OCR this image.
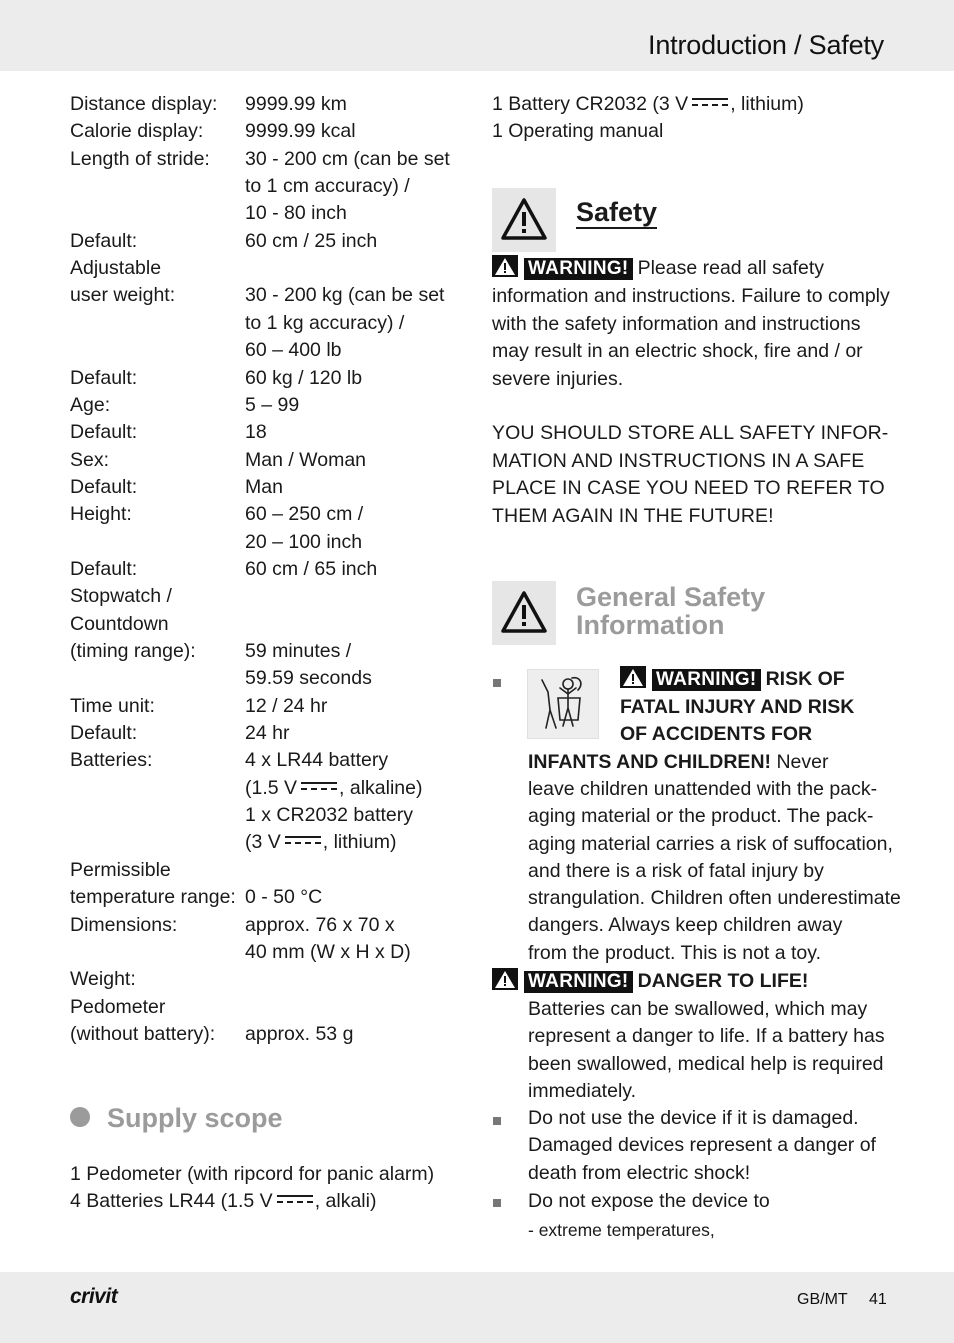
Introduction / Safety
Distance display: 9999.99 km
Calorie display: 9999.99 kcal
Length of stride: 30 - 200 cm (can be set
to 1 cm accuracy) /
10 - 80 inch
Default:	60 cm / 25 inch
Adjustable
user weight:	30 - 200 kg (can be set
to 1 kg accuracy) /
60 – 400 lb
Default:	60 kg / 120 lb
Age:	5 – 99
Default:	18
Sex:	Man / Woman
Default:	Man
Height:	60 – 250 cm /
20 – 100 inch
Default:	60 cm / 65 inch
Stopwatch /
Countdown
(timing range):	59 minutes /
59.59 seconds
Time unit:	12 / 24 hr
Default:	24 hr
Batteries:	4 x LR44 battery
(1.5 V , alkaline)
1 x CR2032 battery
(3 V , lithium)
Permissible
temperature range: 0 - 50 °C
Dimensions:	approx. 76 x 70 x
40 mm (W x H x D)
Weight:
Pedometer
(without battery): approx. 53 g
Supply scope
1 Pedometer (with ripcord for panic alarm)
4 Batteries LR44 (1.5 V , alkali)
1 Battery CR2032 (3 V , lithium)
1 Operating manual
Safety
WARNING! Please read all safety
information and instructions. Failure to comply
with the safety information and instructions
may result in an electric shock, fire and / or
severe injuries.
YOU SHOULD STORE ALL SAFETY INFOR-
MATION AND INSTRUCTIONS IN A SAFE
PLACE IN CASE YOU NEED TO REFER TO
THEM AGAIN IN THE FUTURE!
General Safety
Information
WARNING! RISK OF
FATAL INJURY AND RISK
OF ACCIDENTS FOR
INFANTS AND CHILDREN! Never
leave children unattended with the pack-
aging material or the product. The pack-
aging material carries a risk of suffocation,
and there is a risk of fatal injury by
strangulation. Children often underestimate
dangers. Always keep children away
from the product. This is not a toy.
WARNING! DANGER TO LIFE!
Batteries can be swallowed, which may
represent a danger to life. If a battery has
been swallowed, medical help is required
immediately.
Do not use the device if it is damaged.
Damaged devices represent a danger of
death from electric shock!
Do not expose the device to
- extreme temperatures,
crivit	GB/MT 41
